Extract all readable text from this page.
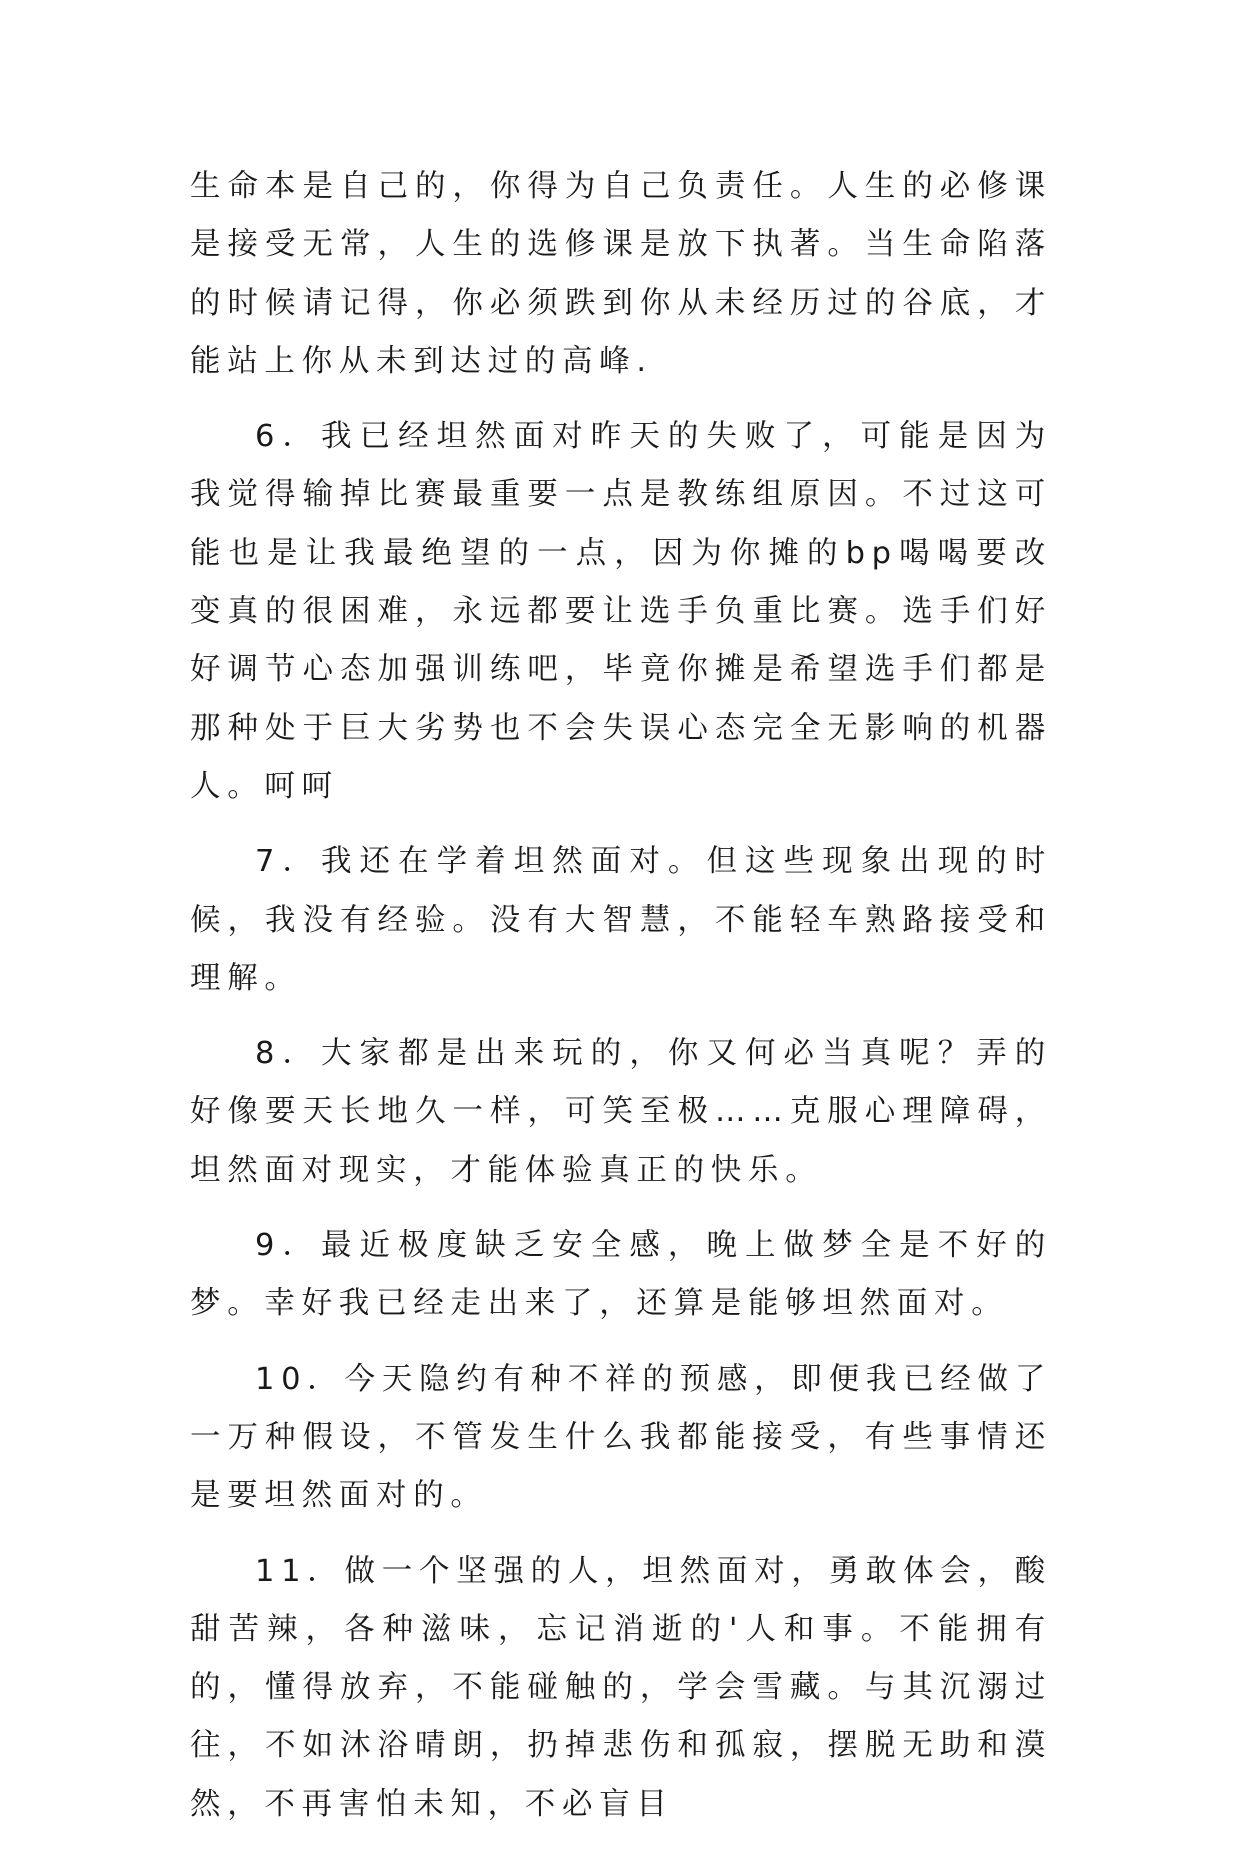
生命本是自己的，你得为自己负责任。人生的必修课是接受无常，人生的选修课是放下执著。当生命陷落的时候请记得，你必须跌到你从未经历过的谷底，才能站上你从未到达过的高峰.

6．我已经坦然面对昨天的失败了，可能是因为我觉得输掉比赛最重要一点是教练组原因。不过这可能也是让我最绝望的一点，因为你摊的bp喝喝要改变真的很困难，永远都要让选手负重比赛。选手们好好调节心态加强训练吧，毕竟你摊是希望选手们都是那种处于巨大劣势也不会失误心态完全无影响的机器人。呵呵

7．我还在学着坦然面对。但这些现象出现的时候，我没有经验。没有大智慧，不能轻车熟路接受和理解。

8．大家都是出来玩的，你又何必当真呢？弄的好像要天长地久一样，可笑至极……克服心理障碍，坦然面对现实，才能体验真正的快乐。

9．最近极度缺乏安全感，晚上做梦全是不好的梦。幸好我已经走出来了，还算是能够坦然面对。

10．今天隐约有种不祥的预感，即便我已经做了一万种假设，不管发生什么我都能接受，有些事情还是要坦然面对的。

11．做一个坚强的人，坦然面对，勇敢体会，酸甜苦辣，各种滋味，忘记消逝的'人和事。不能拥有的，懂得放弃，不能碰触的，学会雪藏。与其沉溺过往，不如沐浴晴朗，扔掉悲伤和孤寂，摆脱无助和漠然，不再害怕未知，不必盲目
